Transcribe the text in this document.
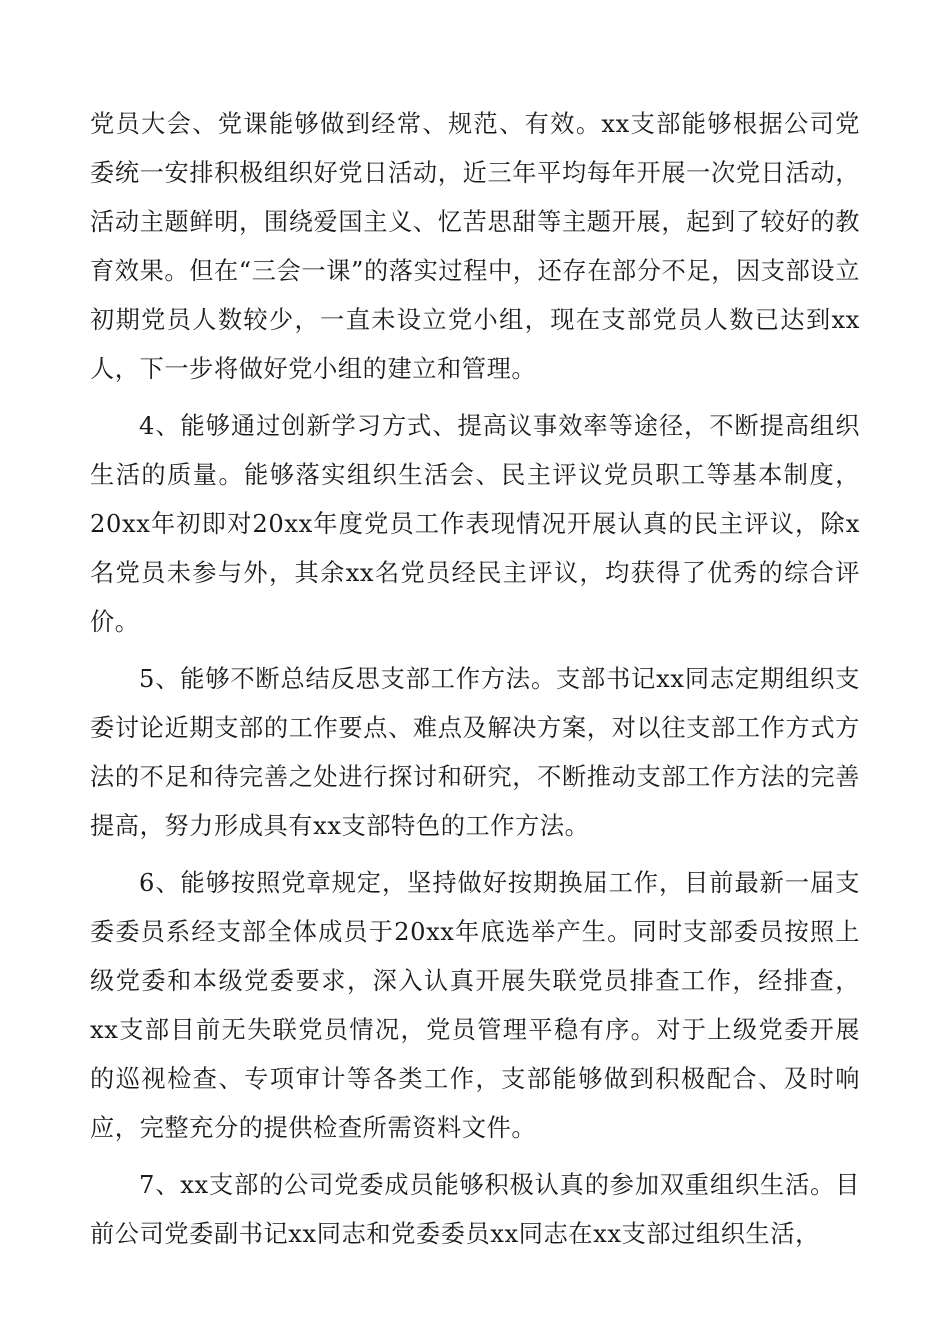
党员大会、党课能够做到经常、规范、有效。xx支部能够根据公司党委统一安排积极组织好党日活动，近三年平均每年开展一次党日活动，活动主题鲜明，围绕爱国主义、忆苦思甜等主题开展，起到了较好的教育效果。但在“三会一课”的落实过程中，还存在部分不足，因支部设立初期党员人数较少，一直未设立党小组，现在支部党员人数已达到xx人，下一步将做好党小组的建立和管理。

4、能够通过创新学习方式、提高议事效率等途径，不断提高组织生活的质量。能够落实组织生活会、民主评议党员职工等基本制度，20xx年初即对20xx年度党员工作表现情况开展认真的民主评议，除x名党员未参与外，其余xx名党员经民主评议，均获得了优秀的综合评价。

5、能够不断总结反思支部工作方法。支部书记xx同志定期组织支委讨论近期支部的工作要点、难点及解决方案，对以往支部工作方式方法的不足和待完善之处进行探讨和研究，不断推动支部工作方法的完善提高，努力形成具有xx支部特色的工作方法。

6、能够按照党章规定，坚持做好按期换届工作，目前最新一届支委委员系经支部全体成员于20xx年底选举产生。同时支部委员按照上级党委和本级党委要求，深入认真开展失联党员排查工作，经排查，xx支部目前无失联党员情况，党员管理平稳有序。对于上级党委开展的巡视检查、专项审计等各类工作，支部能够做到积极配合、及时响应，完整充分的提供检查所需资料文件。

7、xx支部的公司党委成员能够积极认真的参加双重组织生活。目前公司党委副书记xx同志和党委委员xx同志在xx支部过组织生活，
